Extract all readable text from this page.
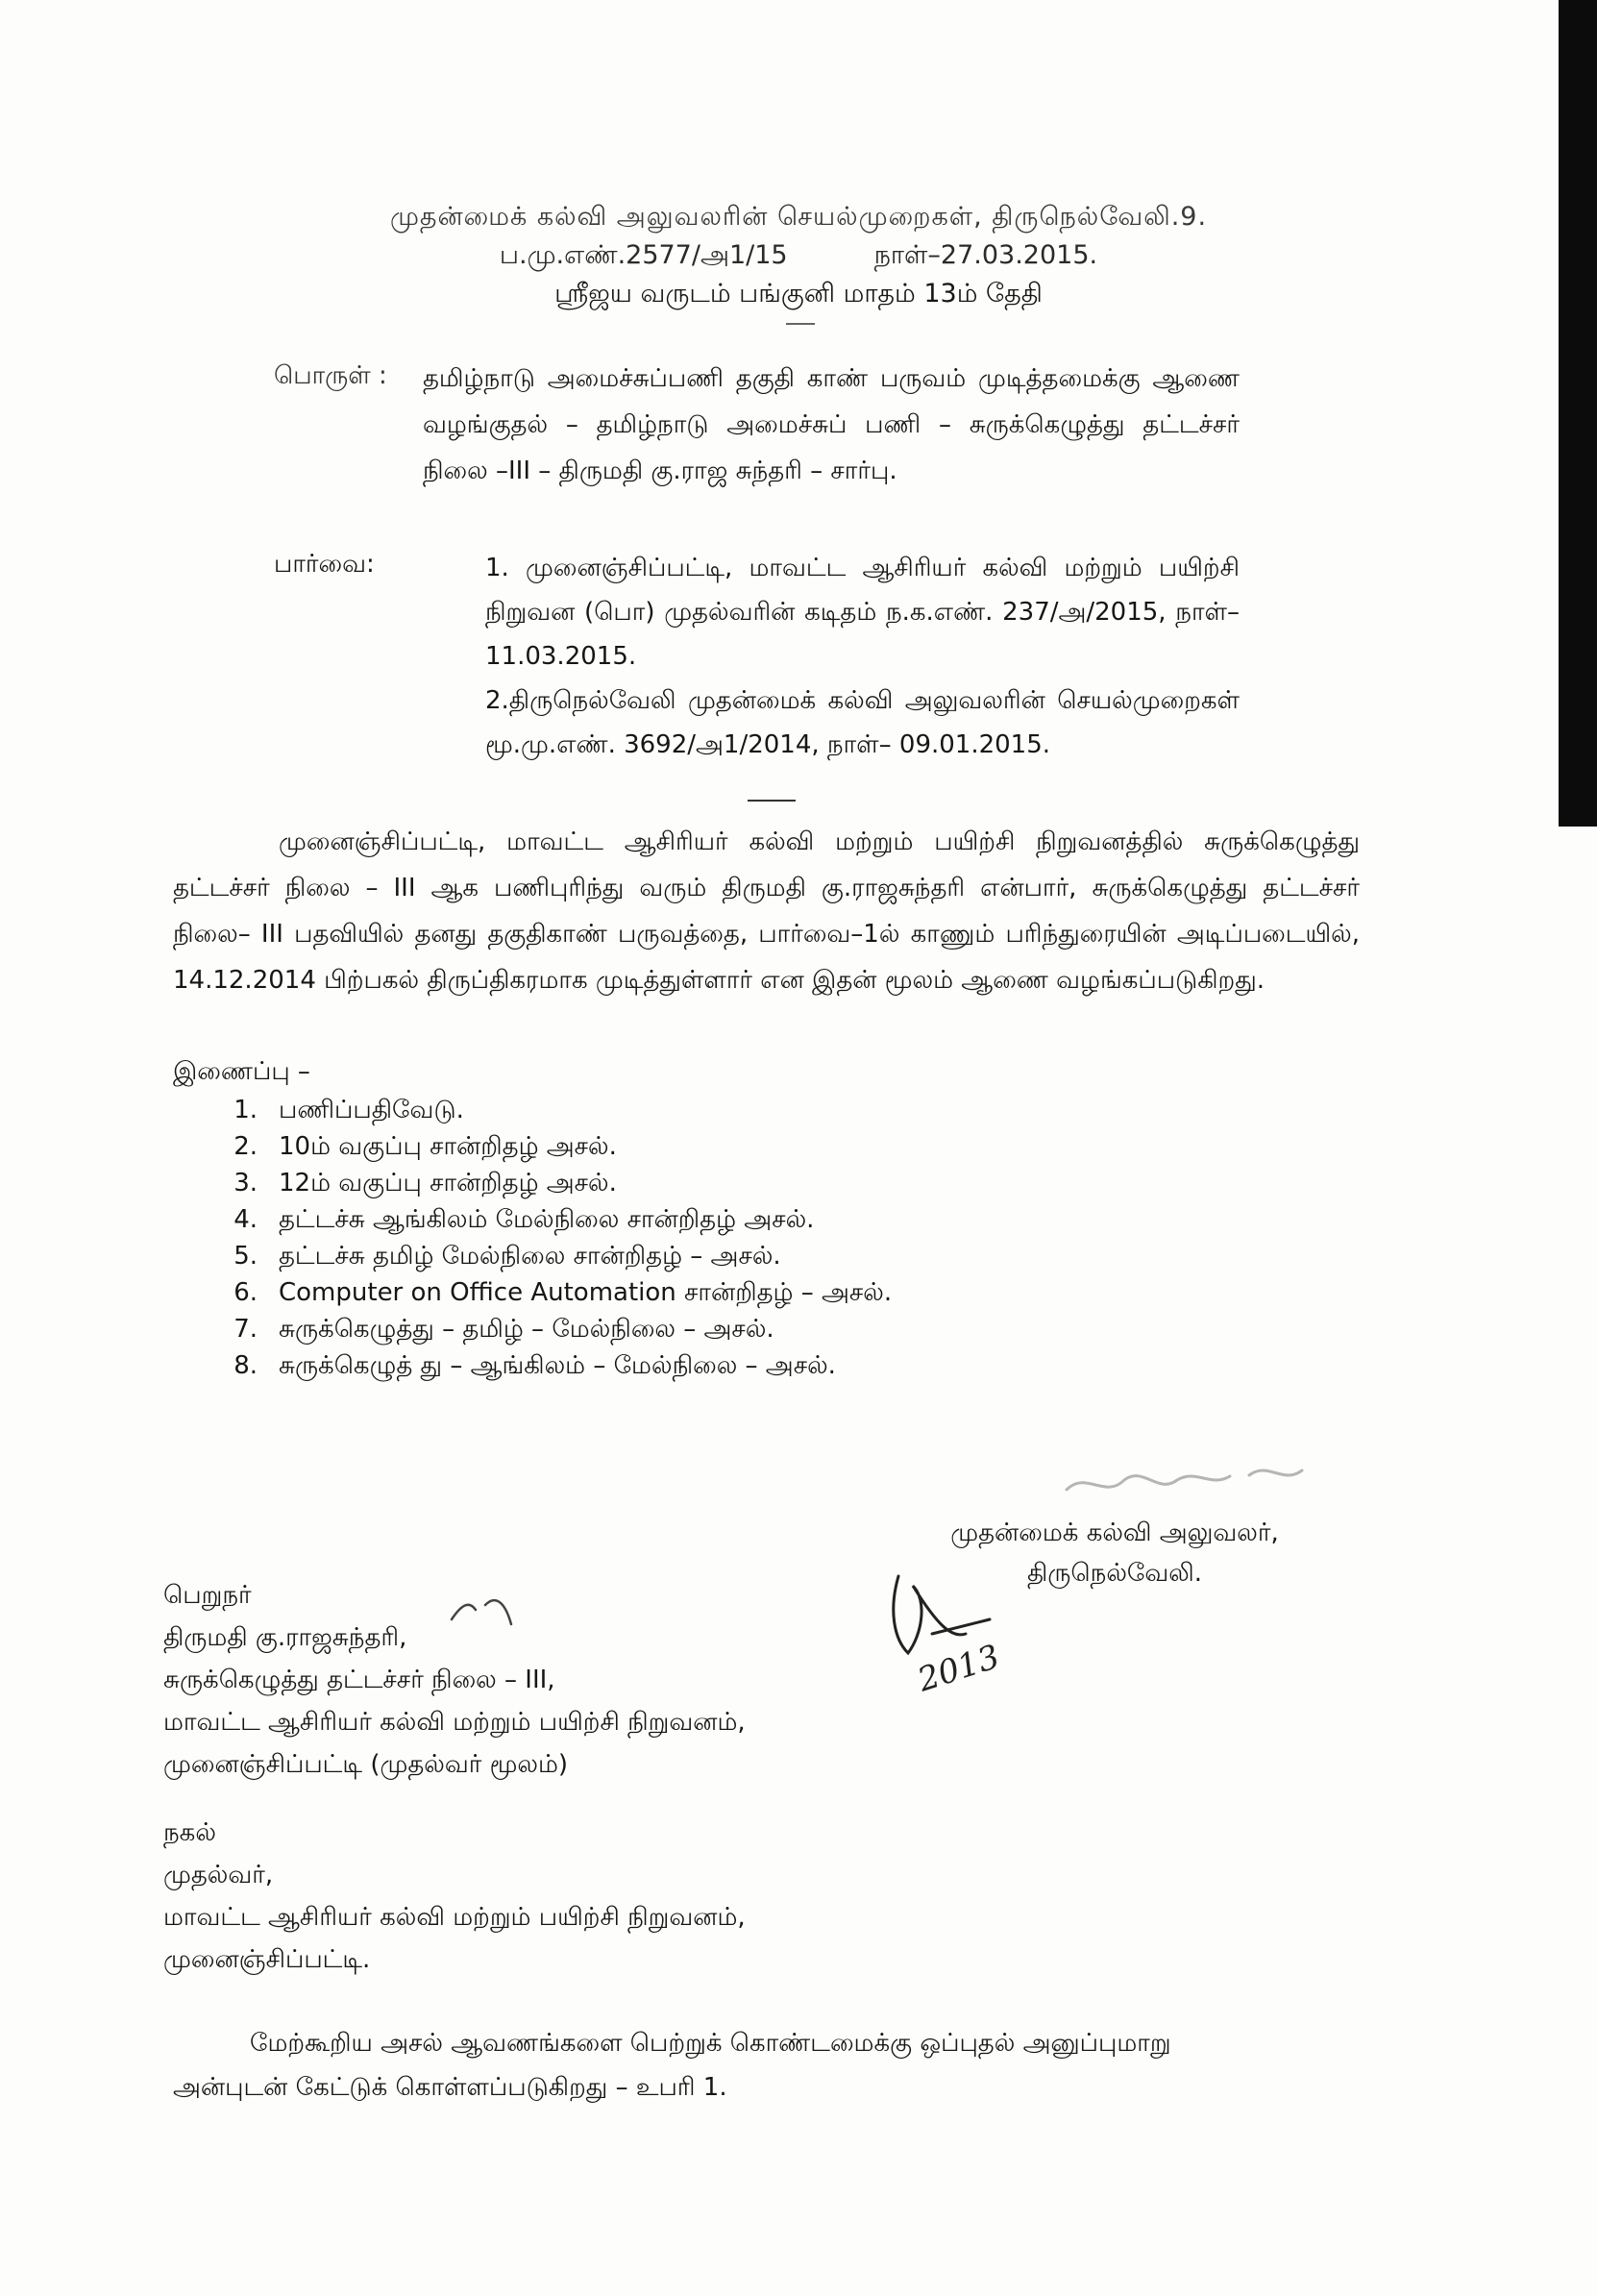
முதன்மைக் கல்வி அலுவலரின் செயல்முறைகள், திருநெல்வேலி.9.
ப.மு.எண்.2577/அ1/15	நாள்–27.03.2015.
ஸ்ரீஜய வருடம் பங்குனி மாதம் 13ம் தேதி
பொருள் : தமிழ்நாடு அமைச்சுப்பணி தகுதி காண் பருவம் முடித்தமைக்கு ஆணை வழங்குதல் – தமிழ்நாடு அமைச்சுப் பணி – சுருக்கெழுத்து தட்டச்சர் நிலை –III – திருமதி கு.ராஜ சுந்தரி – சார்பு.
பார்வை:	1. முனைஞ்சிப்பட்டி, மாவட்ட ஆசிரியர் கல்வி மற்றும் பயிற்சி நிறுவன (பொ) முதல்வரின் கடிதம் ந.க.எண். 237/அ/2015, நாள்–11.03.2015.
2.திருநெல்வேலி முதன்மைக் கல்வி அலுவலரின் செயல்முறைகள் மூ.மு.எண். 3692/அ1/2014, நாள்– 09.01.2015.
முனைஞ்சிப்பட்டி, மாவட்ட ஆசிரியர் கல்வி மற்றும் பயிற்சி நிறுவனத்தில் சுருக்கெழுத்து தட்டச்சர் நிலை – III ஆக பணிபுரிந்து வரும் திருமதி கு.ராஜசுந்தரி என்பார், சுருக்கெழுத்து தட்டச்சர் நிலை– III பதவியில் தனது தகுதிகாண் பருவத்தை, பார்வை–1ல் காணும் பரிந்துரையின் அடிப்படையில், 14.12.2014 பிற்பகல் திருப்திகரமாக முடித்துள்ளார் என இதன் மூலம் ஆணை வழங்கப்படுகிறது.
இணைப்பு –
1. பணிப்பதிவேடு.
2. 10ம் வகுப்பு சான்றிதழ் அசல்.
3. 12ம் வகுப்பு சான்றிதழ் அசல்.
4. தட்டச்சு ஆங்கிலம் மேல்நிலை சான்றிதழ் அசல்.
5. தட்டச்சு தமிழ் மேல்நிலை சான்றிதழ் – அசல்.
6. Computer on Office Automation சான்றிதழ் – அசல்.
7. சுருக்கெழுத்து – தமிழ் – மேல்நிலை – அசல்.
8. சுருக்கெழுத் து – ஆங்கிலம் – மேல்நிலை – அசல்.
முதன்மைக் கல்வி அலுவலர்,
திருநெல்வேலி.
2013
பெறுநர்
திருமதி கு.ராஜசுந்தரி,
சுருக்கெழுத்து தட்டச்சர் நிலை – III,
மாவட்ட ஆசிரியர் கல்வி மற்றும் பயிற்சி நிறுவனம்,
முனைஞ்சிப்பட்டி (முதல்வர் மூலம்)
நகல்
முதல்வர்,
மாவட்ட ஆசிரியர் கல்வி மற்றும் பயிற்சி நிறுவனம்,
முனைஞ்சிப்பட்டி.
மேற்கூறிய அசல் ஆவணங்களை பெற்றுக் கொண்டமைக்கு ஒப்புதல் அனுப்புமாறு அன்புடன் கேட்டுக் கொள்ளப்படுகிறது – உபரி 1.
